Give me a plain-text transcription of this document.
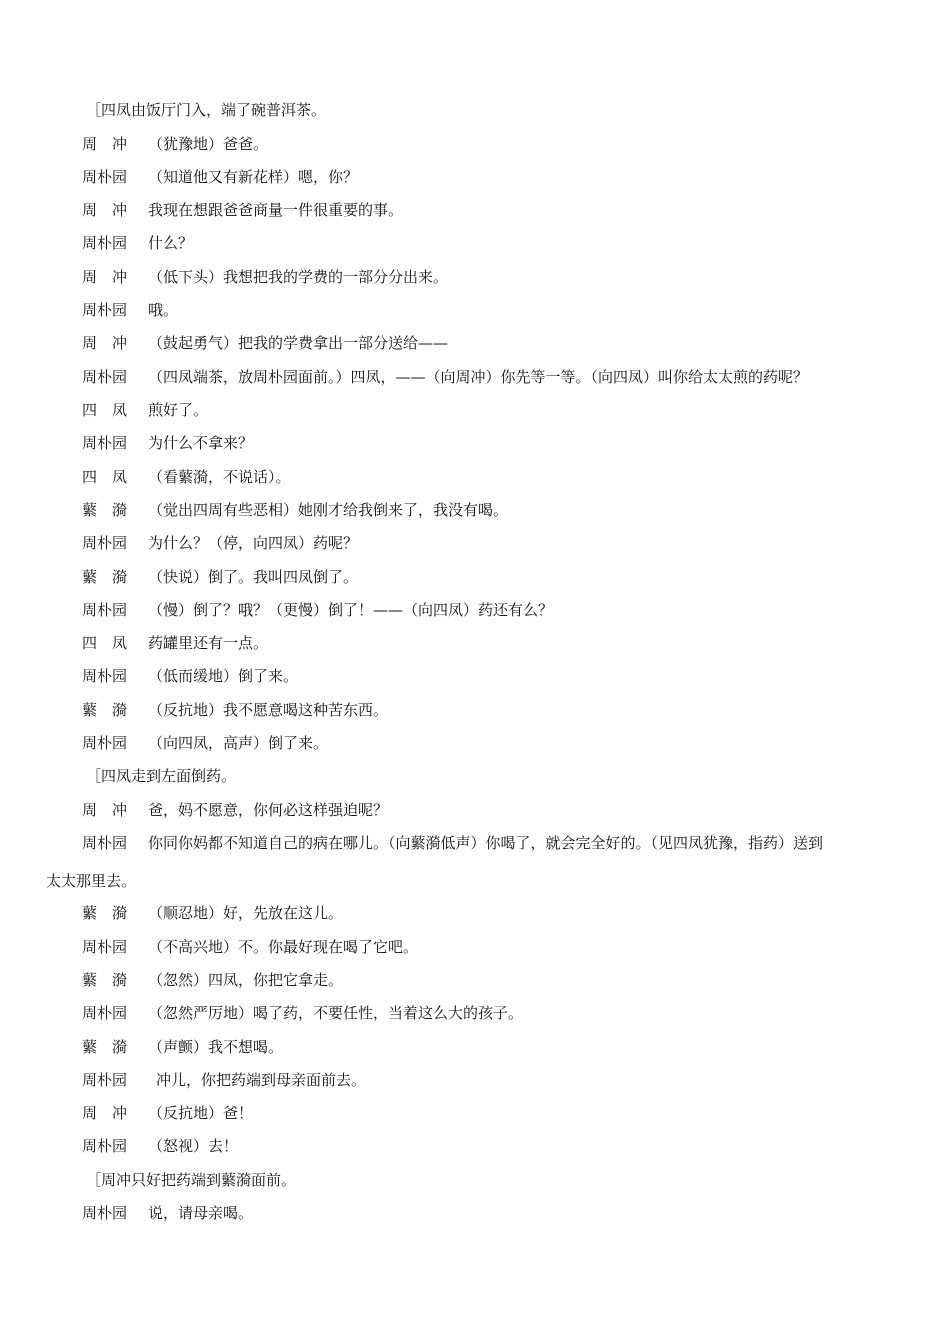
［四凤由饭厅门入，端了碗普洱茶。
周　冲 （犹豫地）爸爸。
周朴园 （知道他又有新花样）嗯，你？
周　冲 我现在想跟爸爸商量一件很重要的事。
周朴园 什么？
周　冲 （低下头）我想把我的学费的一部分分出来。
周朴园 哦。
周　冲 （鼓起勇气）把我的学费拿出一部分送给——
周朴园 （四凤端茶，放周朴园面前。）四凤，——（向周冲）你先等一等。（向四凤）叫你给太太煎的药呢？
四　凤 煎好了。
周朴园 为什么不拿来？
四　凤 （看蘩漪，不说话）。
蘩　漪 （觉出四周有些恶相）她刚才给我倒来了，我没有喝。
周朴园 为什么？（停，向四凤）药呢？
蘩　漪 （快说）倒了。我叫四凤倒了。
周朴园 （慢）倒了？哦？（更慢）倒了！——（向四凤）药还有么？
四　凤 药罐里还有一点。
周朴园 （低而缓地）倒了来。
蘩　漪 （反抗地）我不愿意喝这种苦东西。
周朴园 （向四凤，高声）倒了来。
［四凤走到左面倒药。
周　冲 爸，妈不愿意，你何必这样强迫呢？
周朴园 你同你妈都不知道自己的病在哪儿。（向蘩漪低声）你喝了，就会完全好的。（见四凤犹豫，指药）送到
太太那里去。
蘩　漪 （顺忍地）好，先放在这儿。
周朴园 （不高兴地）不。你最好现在喝了它吧。
蘩　漪 （忽然）四凤，你把它拿走。
周朴园 （忽然严厉地）喝了药，不要任性，当着这么大的孩子。
蘩　漪 （声颤）我不想喝。
周朴园 冲儿，你把药端到母亲面前去。
周　冲 （反抗地）爸！
周朴园 （怒视）去！
［周冲只好把药端到蘩漪面前。
周朴园 说，请母亲喝。
